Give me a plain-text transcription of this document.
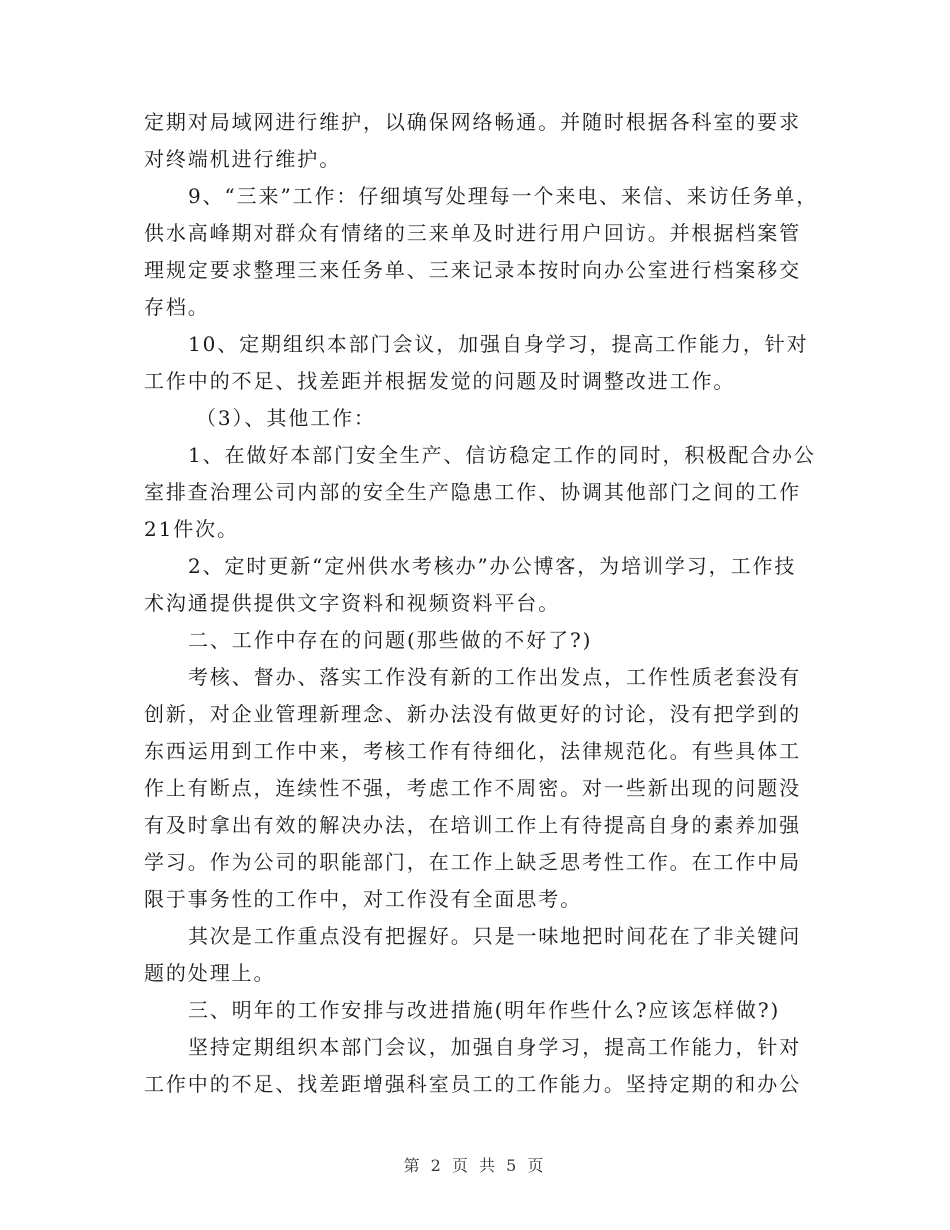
定期对局域网进行维护，以确保网络畅通。并随时根据各科室的要求
对终端机进行维护。
9、“三来”工作：仔细填写处理每一个来电、来信、来访任务单，
供水高峰期对群众有情绪的三来单及时进行用户回访。并根据档案管
理规定要求整理三来任务单、三来记录本按时向办公室进行档案移交
存档。
10、定期组织本部门会议，加强自身学习，提高工作能力，针对
工作中的不足、找差距并根据发觉的问题及时调整改进工作。
（3）、其他工作：
1、在做好本部门安全生产、信访稳定工作的同时，积极配合办公
室排查治理公司内部的安全生产隐患工作、协调其他部门之间的工作
21件次。
2、定时更新“定州供水考核办”办公博客，为培训学习，工作技
术沟通提供提供文字资料和视频资料平台。
二、工作中存在的问题(那些做的不好了?)
考核、督办、落实工作没有新的工作出发点，工作性质老套没有
创新，对企业管理新理念、新办法没有做更好的讨论，没有把学到的
东西运用到工作中来，考核工作有待细化，法律规范化。有些具体工
作上有断点，连续性不强，考虑工作不周密。对一些新出现的问题没
有及时拿出有效的解决办法，在培训工作上有待提高自身的素养加强
学习。作为公司的职能部门，在工作上缺乏思考性工作。在工作中局
限于事务性的工作中，对工作没有全面思考。
其次是工作重点没有把握好。只是一味地把时间花在了非关键问
题的处理上。
三、明年的工作安排与改进措施(明年作些什么?应该怎样做?)
坚持定期组织本部门会议，加强自身学习，提高工作能力，针对
工作中的不足、找差距增强科室员工的工作能力。坚持定期的和办公

第 2 页 共 5 页
